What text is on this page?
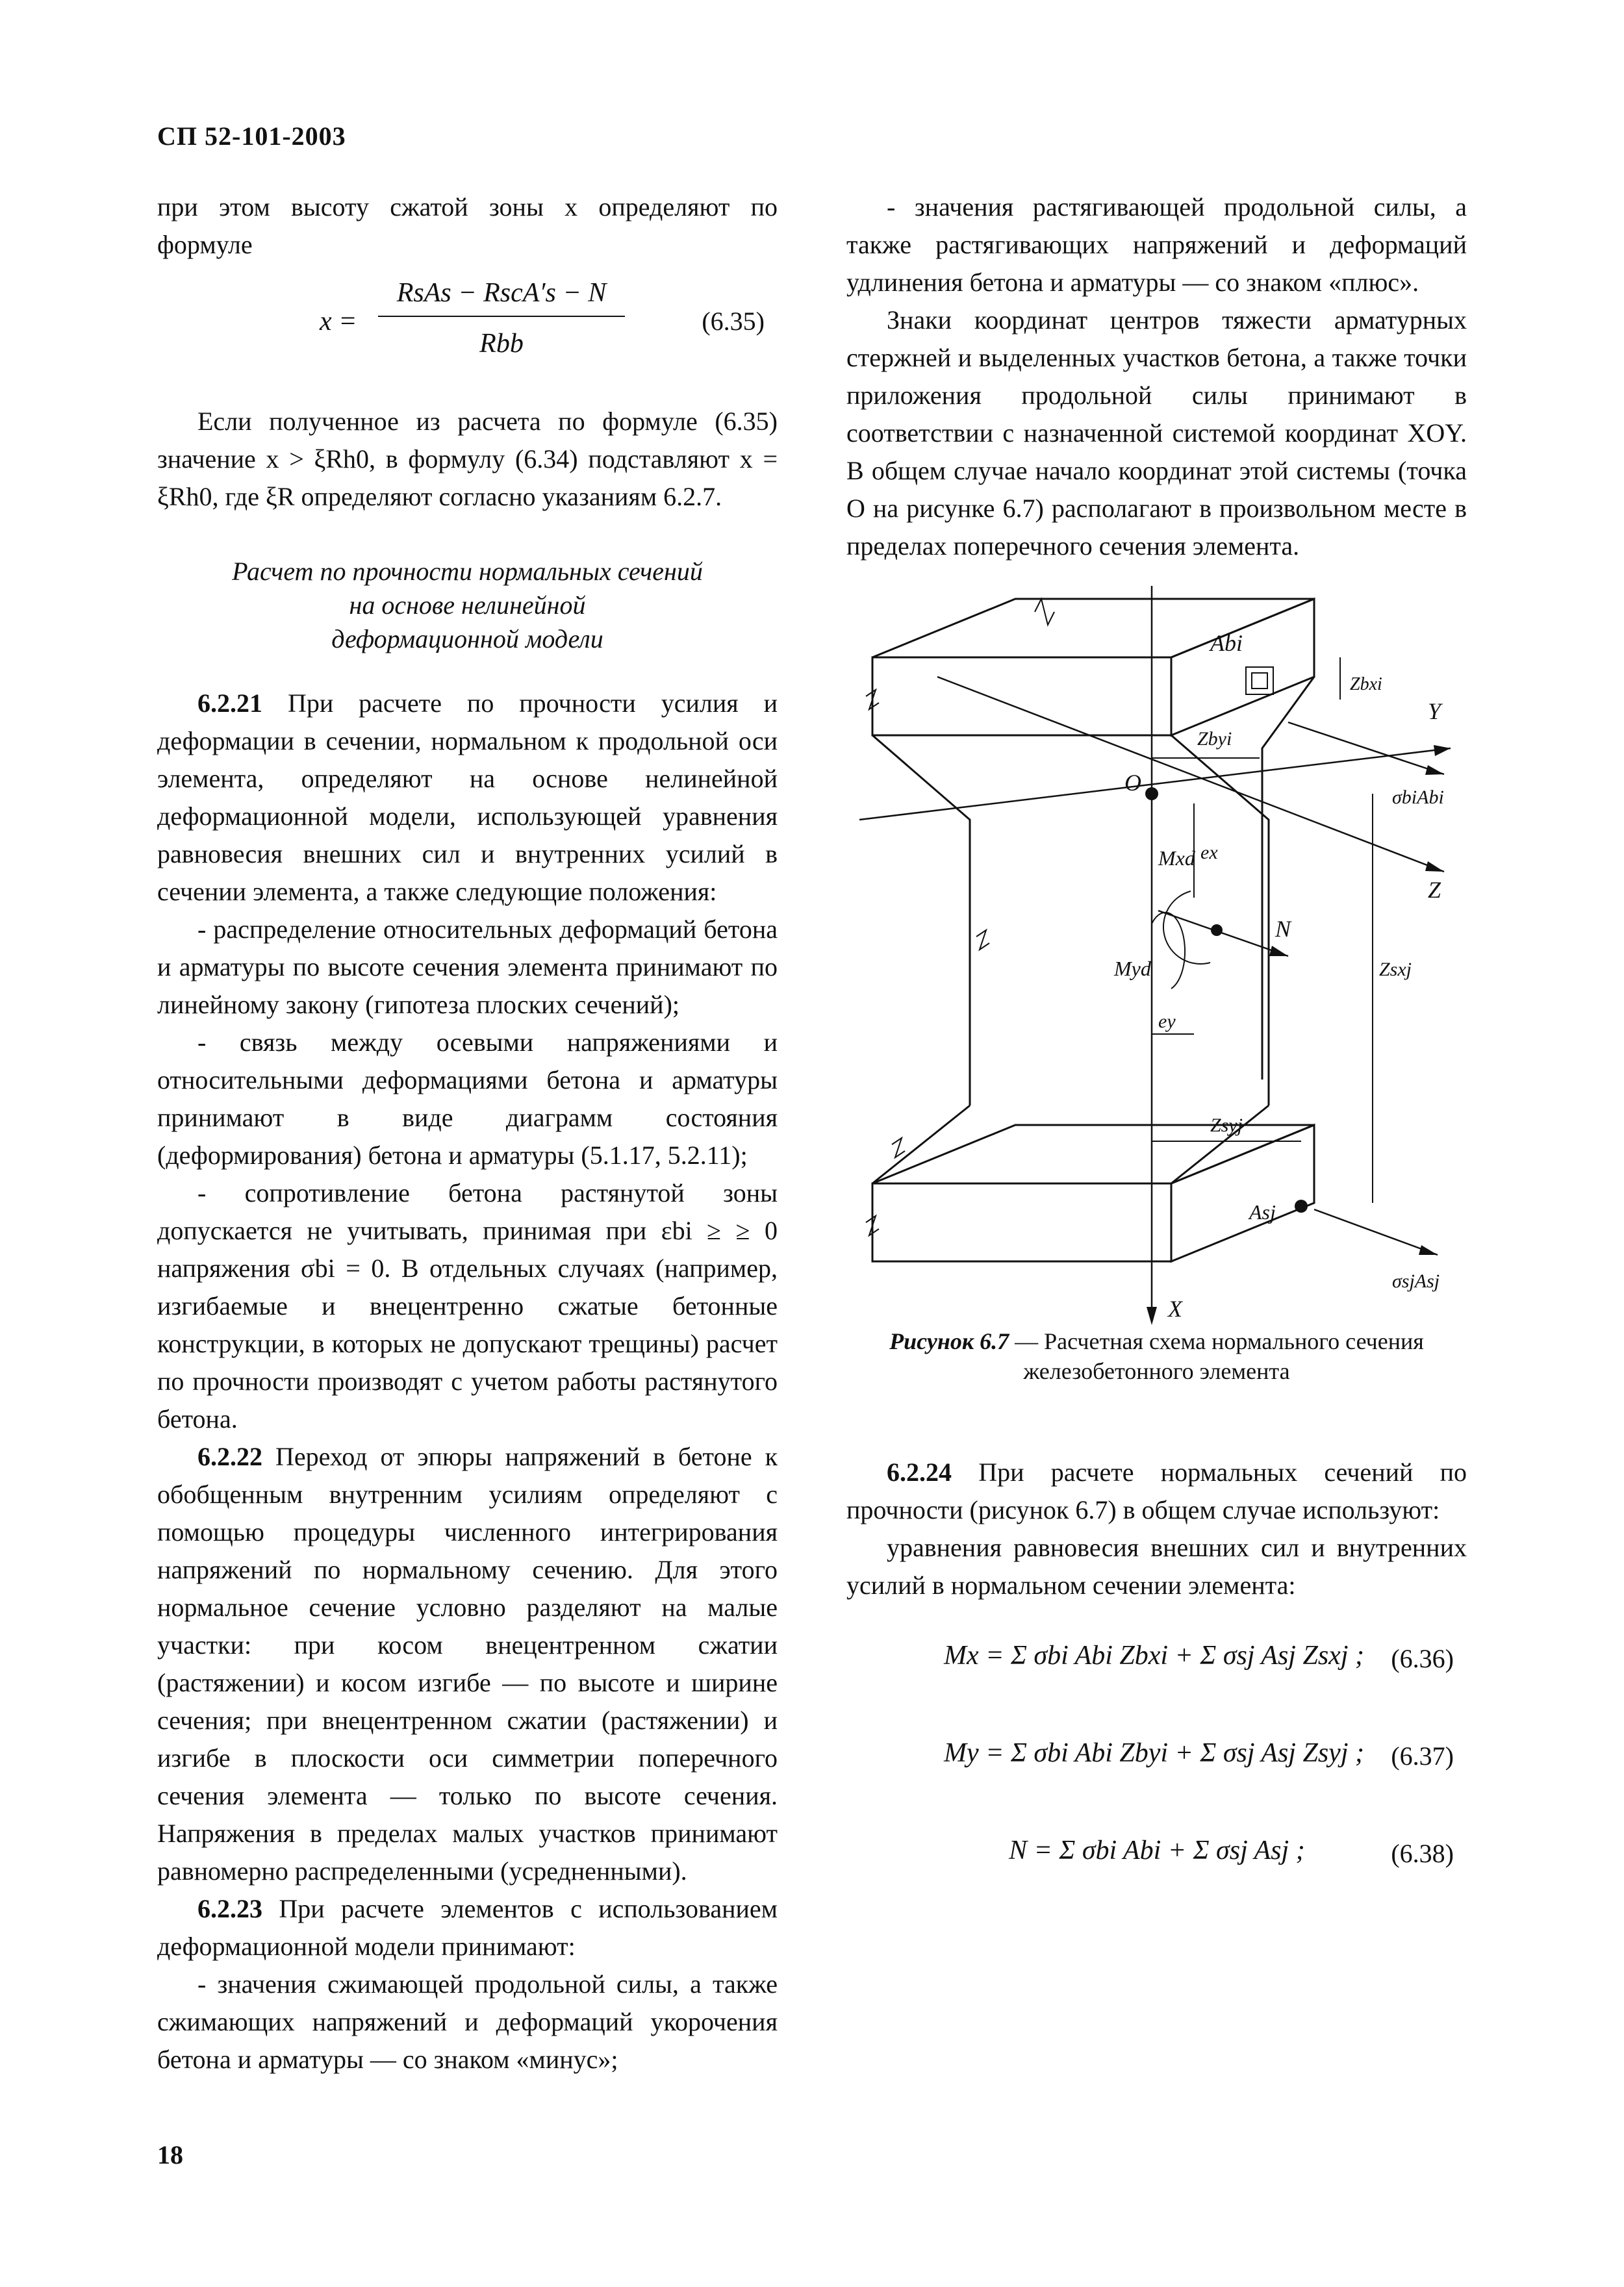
СП 52-101-2003

при этом высоту сжатой зоны x определяют по формуле

x =
RsAs − RscA′s − N
Rbb
(6.35)

Если полученное из расчета по формуле (6.35) значение x > ξRh0, в формулу (6.34) подставляют x = ξRh0, где ξR определяют согласно указаниям 6.2.7.

Расчет по прочности нормальных сечений
на основе нелинейной
деформационной модели

6.2.21 При расчете по прочности усилия и деформации в сечении, нормальном к продольной оси элемента, определяют на основе нелинейной деформационной модели, использующей уравнения равновесия внешних сил и внутренних усилий в сечении элемента, а также следующие положения:

- распределение относительных деформаций бетона и арматуры по высоте сечения элемента принимают по линейному закону (гипотеза плоских сечений);

- связь между осевыми напряжениями и относительными деформациями бетона и арматуры принимают в виде диаграмм состояния (деформирования) бетона и арматуры (5.1.17, 5.2.11);

- сопротивление бетона растянутой зоны допускается не учитывать, принимая при εbi ≥ ≥ 0 напряжения σbi = 0. В отдельных случаях (например, изгибаемые и внецентренно сжатые бетонные конструкции, в которых не допускают трещины) расчет по прочности производят с учетом работы растянутого бетона.

6.2.22 Переход от эпюры напряжений в бетоне к обобщенным внутренним усилиям определяют с помощью процедуры численного интегрирования напряжений по нормальному сечению. Для этого нормальное сечение условно разделяют на малые участки: при косом внецентренном сжатии (растяжении) и косом изгибе — по высоте и ширине сечения; при внецентренном сжатии (растяжении) и изгибе в плоскости оси симметрии поперечного сечения элемента — только по высоте сечения. Напряжения в пределах малых участков принимают равномерно распределенными (усредненными).

6.2.23 При расчете элементов с использованием деформационной модели принимают:

- значения сжимающей продольной силы, а также сжимающих напряжений и деформаций укорочения бетона и арматуры — со знаком «минус»;

- значения растягивающей продольной силы, а также растягивающих напряжений и деформаций удлинения бетона и арматуры — со знаком «плюс».

Знаки координат центров тяжести арматурных стержней и выделенных участков бетона, а также точки приложения продольной силы принимают в соответствии с назначенной системой координат XOY. В общем случае начало координат этой системы (точка O на рисунке 6.7) располагают в произвольном месте в пределах поперечного сечения элемента.

Abi
Zbxi
Y
Zbyi
O
σbiAbi
Mxd ex
Z
N
Zsxj
Myd
ey
Zsyj
Asj
σsjAsj
X

Рисунок 6.7 — Расчетная схема нормального сечения железобетонного элемента

6.2.24 При расчете нормальных сечений по прочности (рисунок 6.7) в общем случае используют:

уравнения равновесия внешних сил и внутренних усилий в нормальном сечении элемента:

Mx = Σ σbi Abi Zbxi + Σ σsj Asj Zsxj ; (6.36)
My = Σ σbi Abi Zbyi + Σ σsj Asj Zsyj ; (6.37)
N = Σ σbi Abi + Σ σsj Asj ;	(6.38)
18
